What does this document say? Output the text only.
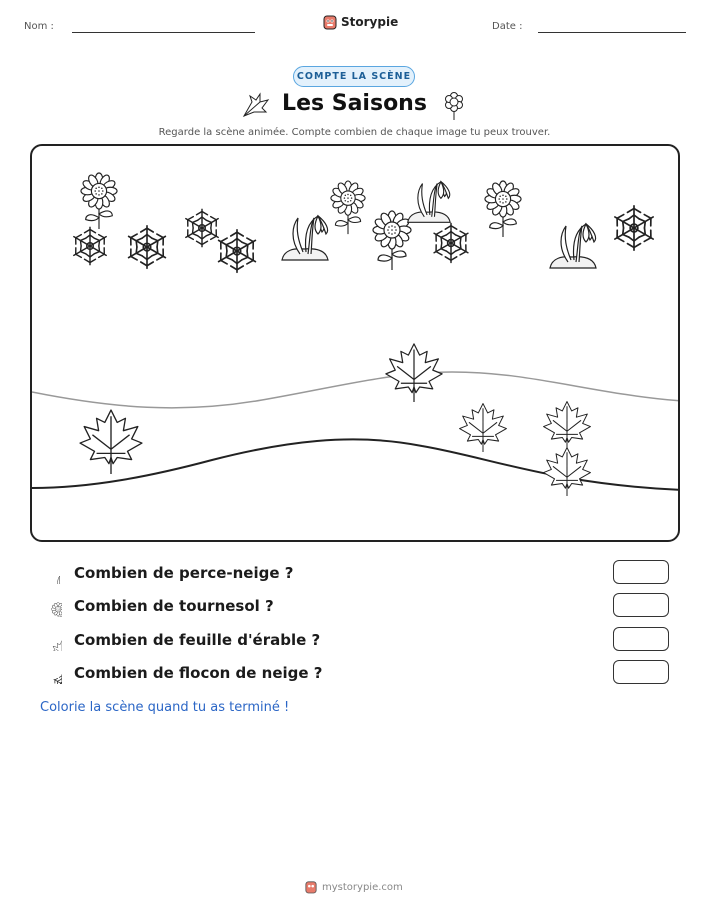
Nom :	Storypie	Date :
COMPTE LA SCÈNE
Les Saisons
Regarde la scène animée. Compte combien de chaque image tu peux trouver.
Combien de perce-neige ?
Combien de tournesol ?
Combien de feuille d'érable ?
Combien de flocon de neige ?
Colorie la scène quand tu as terminé !
mystorypie.com
